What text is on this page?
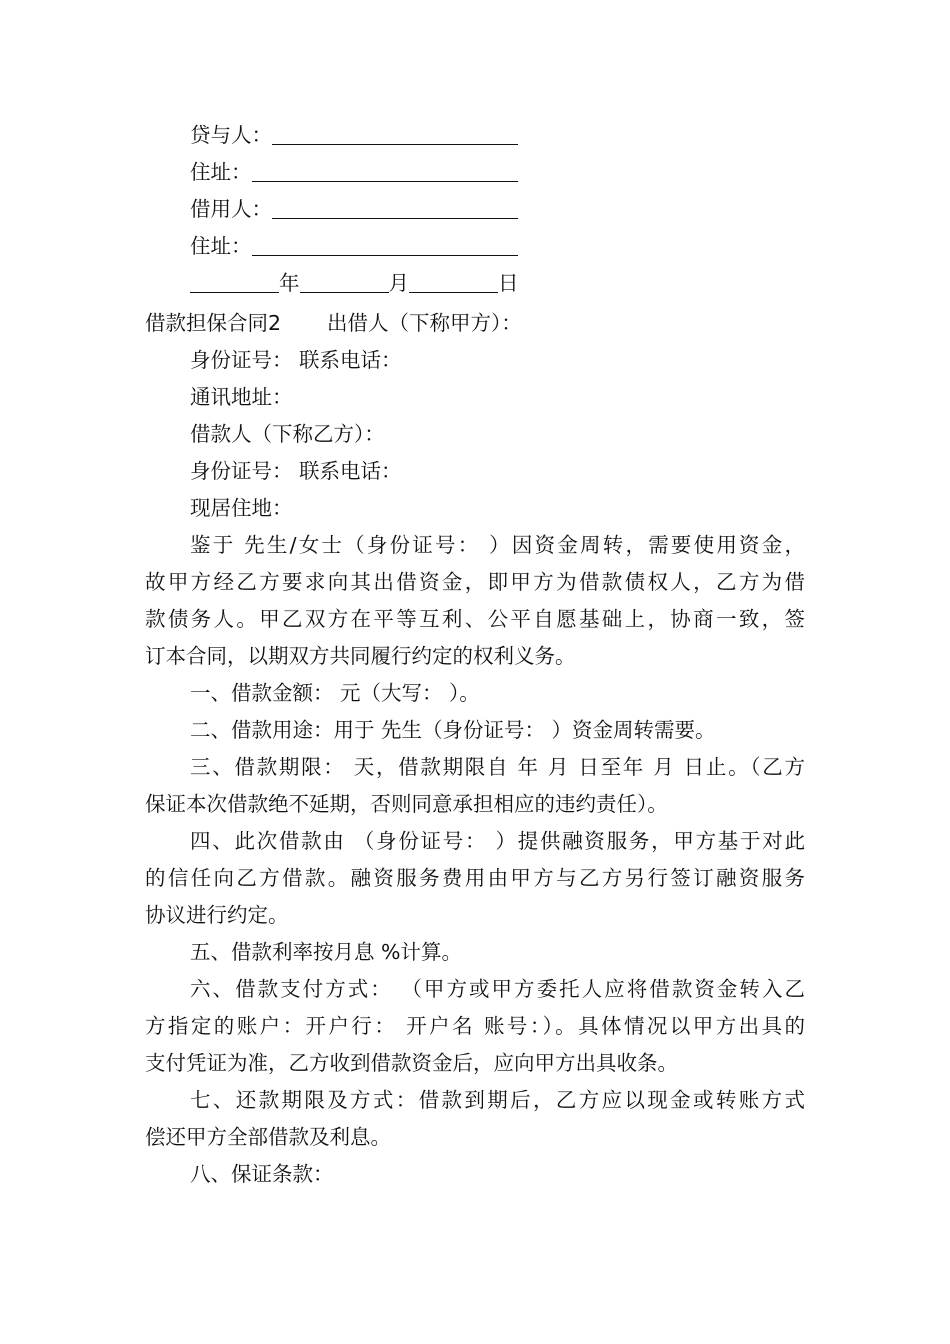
贷与人：
住址：
借用人：
住址：
年	月	日
借款担保合同2 出借人（下称甲方）：
身份证号： 联系电话：
通讯地址：
借款人（下称乙方）：
身份证号： 联系电话：
现居住地：
鉴于 先生/女士（身份证号： ）因资金周转，需要使用资金，
故甲方经乙方要求向其出借资金，即甲方为借款债权人，乙方为借
款债务人。甲乙双方在平等互利、公平自愿基础上，协商一致，签
订本合同，以期双方共同履行约定的权利义务。
一、借款金额： 元（大写： ）。
二、借款用途：用于 先生（身份证号： ）资金周转需要。
三、借款期限： 天，借款期限自 年 月 日至年 月 日止。（乙方
保证本次借款绝不延期，否则同意承担相应的违约责任）。
四、此次借款由 （身份证号： ）提供融资服务，甲方基于对此
的信任向乙方借款。融资服务费用由甲方与乙方另行签订融资服务
协议进行约定。
五、借款利率按月息 %计算。
六、借款支付方式： （甲方或甲方委托人应将借款资金转入乙
方指定的账户：开户行： 开户名 账号：）。具体情况以甲方出具的
支付凭证为准，乙方收到借款资金后，应向甲方出具收条。
七、还款期限及方式：借款到期后，乙方应以现金或转账方式
偿还甲方全部借款及利息。
八、保证条款：
